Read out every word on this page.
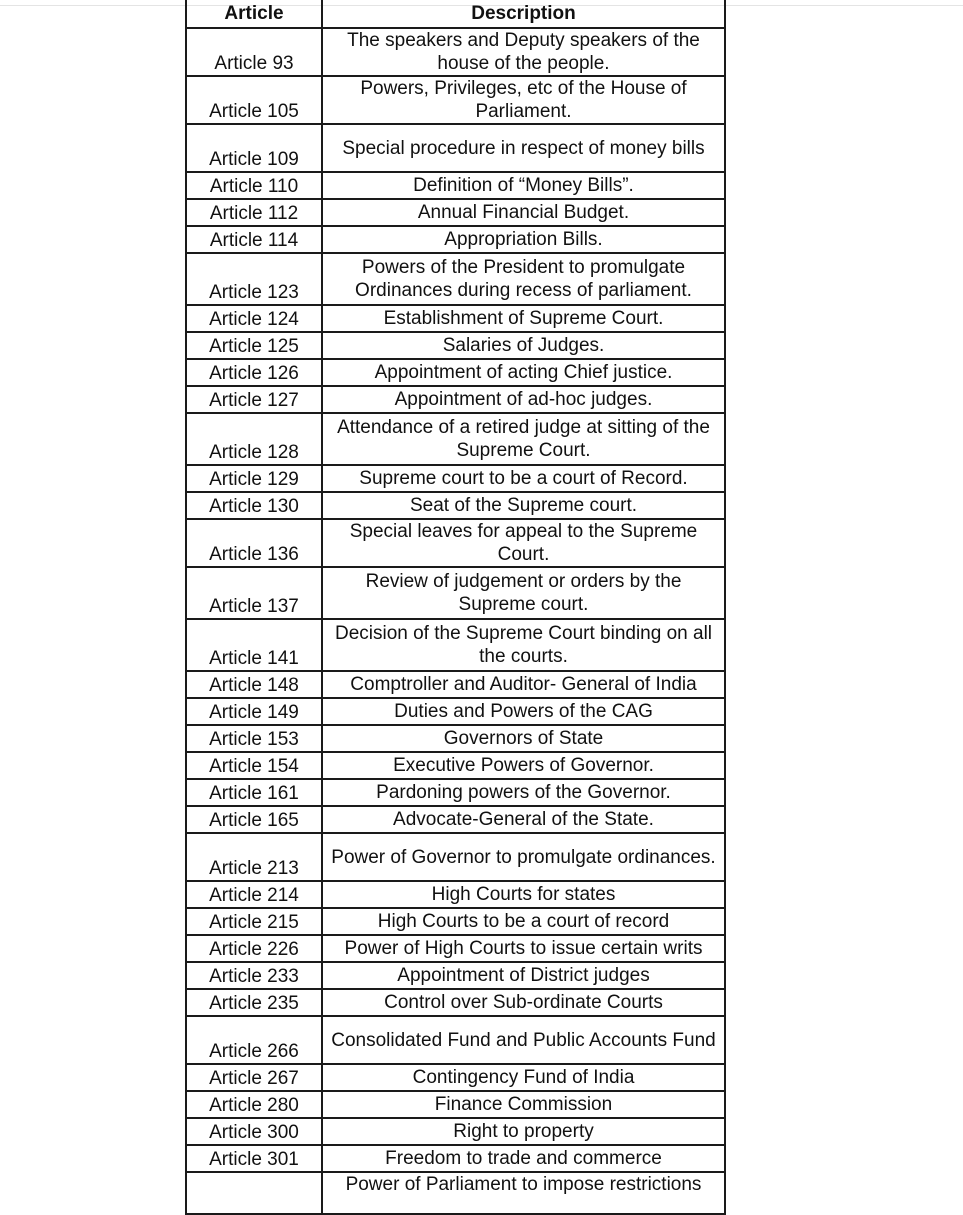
Article	Description
Article 93	The speakers and Deputy speakers of the house of the people.
Article 105	Powers, Privileges, etc of the House of Parliament.
Article 109	Special procedure in respect of money bills
Article 110	Definition of “Money Bills”.
Article 112	Annual Financial Budget.
Article 114	Appropriation Bills.
Article 123	Powers of the President to promulgate Ordinances during recess of parliament.
Article 124	Establishment of Supreme Court.
Article 125	Salaries of Judges.
Article 126	Appointment of acting Chief justice.
Article 127	Appointment of ad-hoc judges.
Article 128	Attendance of a retired judge at sitting of the Supreme Court.
Article 129	Supreme court to be a court of Record.
Article 130	Seat of the Supreme court.
Article 136	Special leaves for appeal to the Supreme Court.
Article 137	Review of judgement or orders by the Supreme court.
Article 141	Decision of the Supreme Court binding on all the courts.
Article 148	Comptroller and Auditor- General of India
Article 149	Duties and Powers of the CAG
Article 153	Governors of State
Article 154	Executive Powers of Governor.
Article 161	Pardoning powers of the Governor.
Article 165	Advocate-General of the State.
Article 213	Power of Governor to promulgate ordinances.
Article 214	High Courts for states
Article 215	High Courts to be a court of record
Article 226	Power of High Courts to issue certain writs
Article 233	Appointment of District judges
Article 235	Control over Sub-ordinate Courts
Article 266	Consolidated Fund and Public Accounts Fund
Article 267	Contingency Fund of India
Article 280	Finance Commission
Article 300	Right to property
Article 301	Freedom to trade and commerce
	Power of Parliament to impose restrictions
